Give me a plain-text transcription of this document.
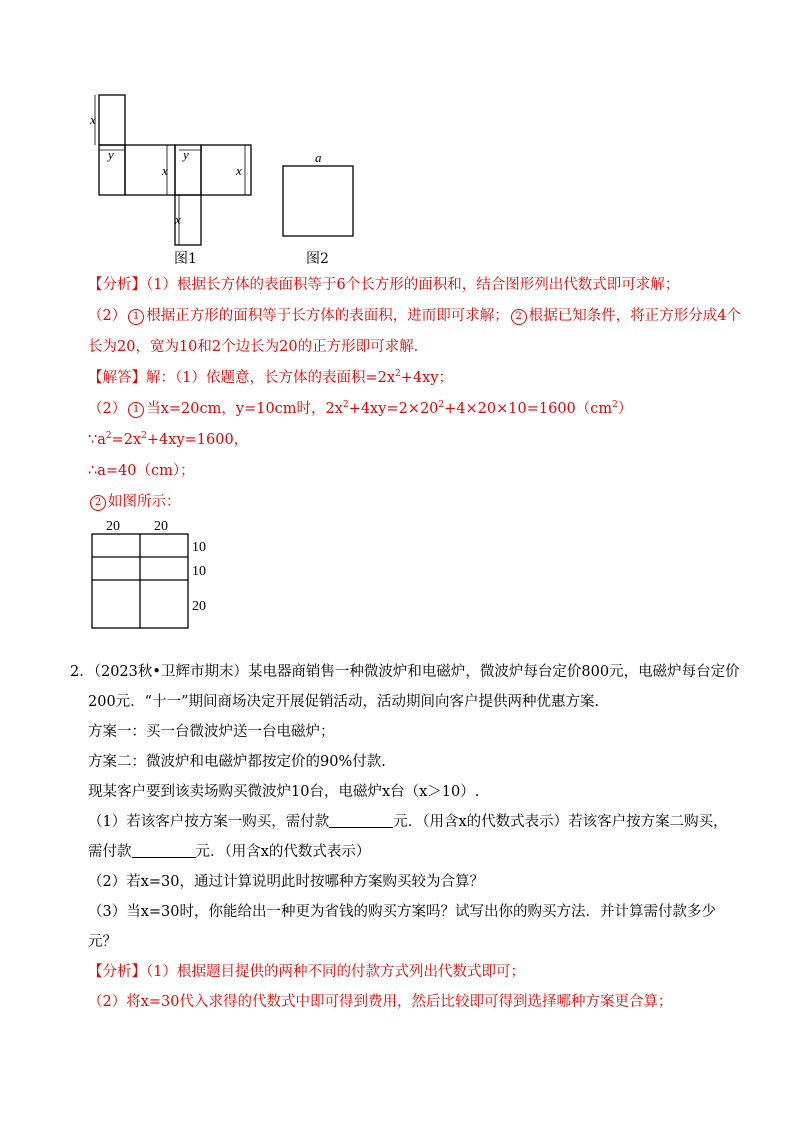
x
y	y
x	x
x
图1
a
图2
【分析】（1）根据长方体的表面积等于6个长方形的面积和，结合图形列出代数式即可求解；
（2） 1 根据正方形的面积等于长方体的表面积，进而即可求解； 2 根据已知条件，将正方形分成4个
长为20，宽为10和2个边长为20的正方形即可求解.
【解答】解：（1）依题意，长方体的表面积$=2x^2+4xy$；
（2） 1 当x=20cm，y=10cm时，$2x^2+4xy=2\times 20^2+4\times 20\times 10=1600(cm^2)$
$\because a^2=2x^2+4xy=1600$，
∴a=40（cm）；
2 如图所示：
20 20
10
10
20
2．（2023秋•卫辉市期末）某电器商销售一种微波炉和电磁炉，微波炉每台定价800元，电磁炉每台定价
200元．“十一”期间商场决定开展促销活动，活动期间向客户提供两种优惠方案.
方案一：买一台微波炉送一台电磁炉；
方案二：微波炉和电磁炉都按定价的90%付款.
现某客户要到该卖场购买微波炉10台，电磁炉x台（x＞10）.
（1）若该客户按方案一购买，需付款	元．（用含x的代数式表示）若该客户按方案二购买，
需付款	元．（用含x的代数式表示）
（2）若x=30，通过计算说明此时按哪种方案购买较为合算？
（3）当x=30时，你能给出一种更为省钱的购买方案吗？试写出你的购买方法．并计算需付款多少
元？
【分析】（1）根据题目提供的两种不同的付款方式列出代数式即可；
（2）将x=30代入求得的代数式中即可得到费用，然后比较即可得到选择哪种方案更合算；
